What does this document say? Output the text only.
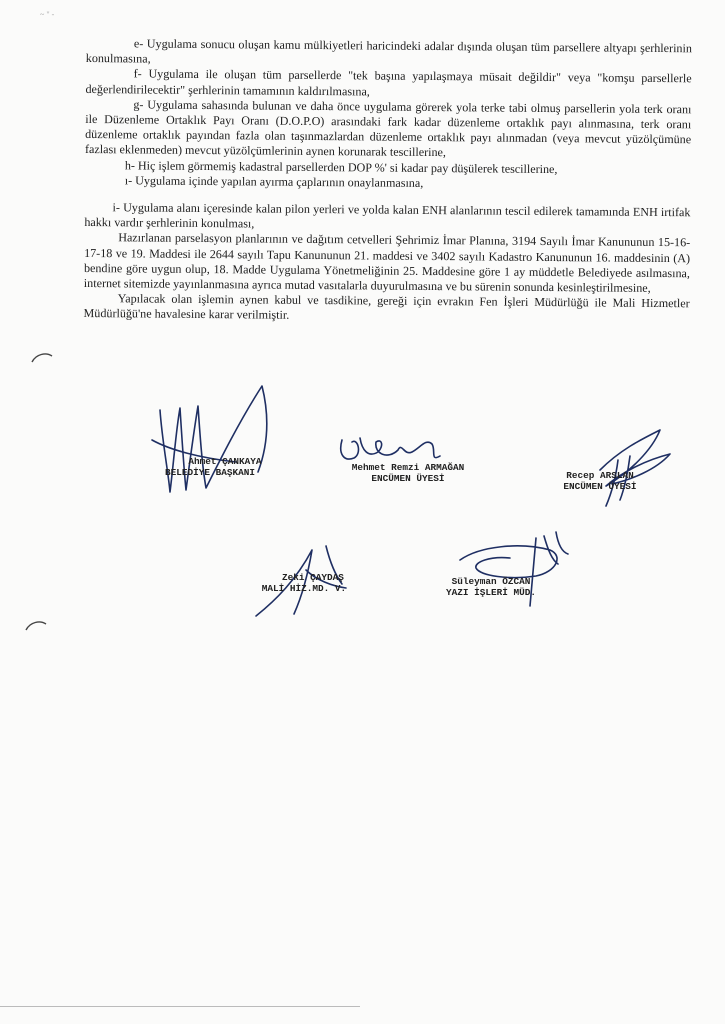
~ " -

e- Uygulama sonucu oluşan kamu mülkiyetleri haricindeki adalar dışında oluşan tüm parsellere altyapı şerhlerinin konulmasına,

f- Uygulama ile oluşan tüm parsellerde "tek başına yapılaşmaya müsait değildir" veya "komşu parsellerle değerlendirilecektir" şerhlerinin tamamının kaldırılmasına,

g- Uygulama sahasında bulunan ve daha önce uygulama görerek yola terke tabi olmuş parsellerin yola terk oranı ile Düzenleme Ortaklık Payı Oranı (D.O.P.O) arasındaki fark kadar düzenleme ortaklık payı alınmasına, terk oranı düzenleme ortaklık payından fazla olan taşınmazlardan düzenleme ortaklık payı alınmadan (veya mevcut yüzölçümüne fazlası eklenmeden) mevcut yüzölçümlerinin aynen korunarak tescillerine,

h- Hiç işlem görmemiş kadastral parsellerden DOP %' si kadar pay düşülerek tescillerine,

ı- Uygulama içinde yapılan ayırma çaplarının onaylanmasına,

i- Uygulama alanı içeresinde kalan pilon yerleri ve yolda kalan ENH alanlarının tescil edilerek tamamında ENH irtifak hakkı vardır şerhlerinin konulması,

Hazırlanan parselasyon planlarının ve dağıtım cetvelleri Şehrimiz İmar Planına, 3194 Sayılı İmar Kanununun 15-16-17-18 ve 19. Maddesi ile 2644 sayılı Tapu Kanununun 21. maddesi ve 3402 sayılı Kadastro Kanununun 16. maddesinin (A) bendine göre uygun olup, 18. Madde Uygulama Yönetmeliğinin 25. Maddesine göre 1 ay müddetle Belediyede asılmasına, internet sitemizde yayınlanmasına ayrıca mutad vasıtalarla duyurulmasına ve bu sürenin sonunda kesinleştirilmesine,

Yapılacak olan işlemin aynen kabul ve tasdikine, gereği için evrakın Fen İşleri Müdürlüğü ile Mali Hizmetler Müdürlüğü'ne havalesine karar verilmiştir.

Ahmet ÇANKAYA
BELEDİYE BAŞKANI	Mehmet Remzi ARMAĞAN
ENCÜMEN ÜYESİ	Recep ARSLAN
ENCÜMEN ÜYESİ
Zeki ÇAYDAŞ
MALİ HİZ.MD. V.
Süleyman ÖZCAN
YAZI İŞLERİ MÜD.
